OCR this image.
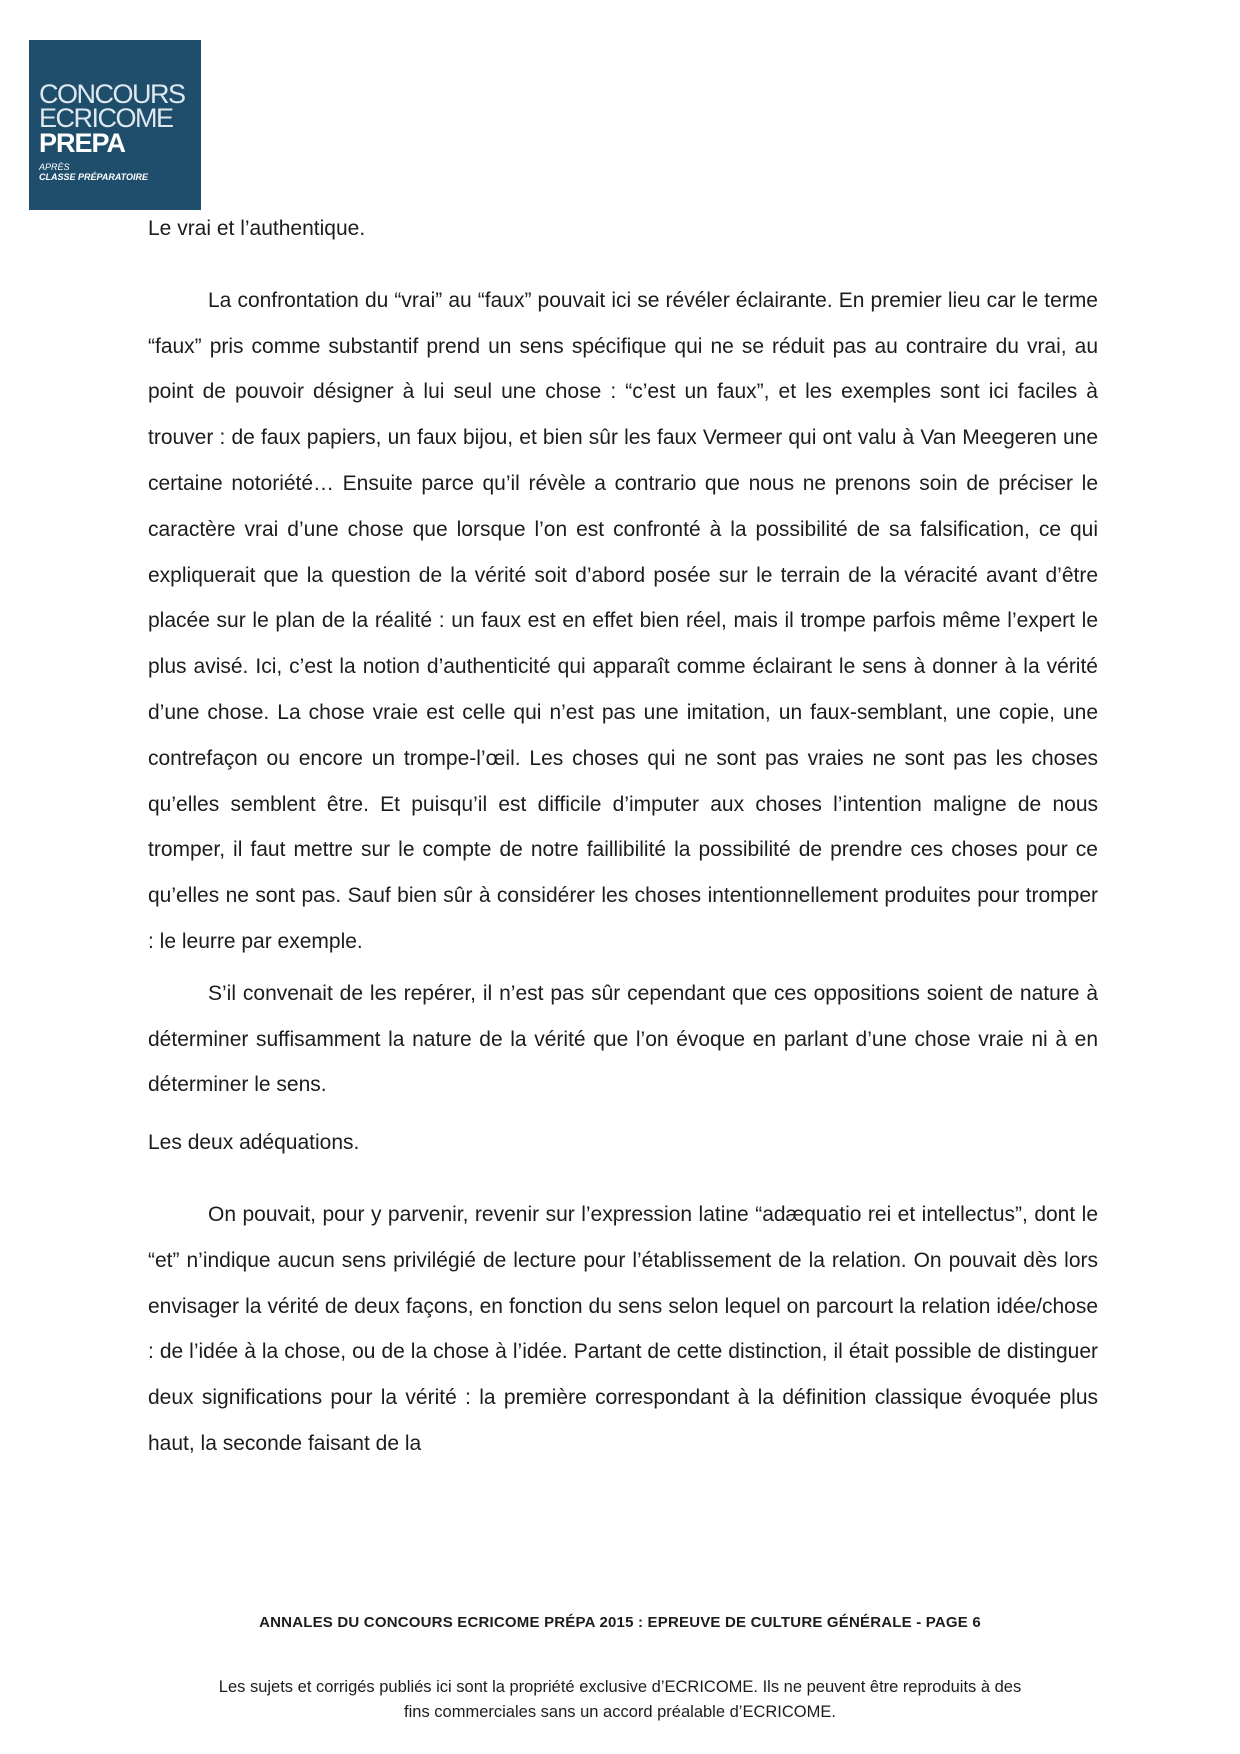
CONCOURS
ECRICOME
PREPA
APRÈS
CLASSE PRÉPARATOIRE

Le vrai et l’authentique.

La confrontation du “vrai” au “faux” pouvait ici se révéler éclairante. En premier lieu car le terme “faux” pris comme substantif prend un sens spécifique qui ne se réduit pas au contraire du vrai, au point de pouvoir désigner à lui seul une chose : “c’est un faux”, et les exemples sont ici faciles à trouver : de faux papiers, un faux bijou, et bien sûr les faux Vermeer qui ont valu à Van Meegeren une certaine notoriété… Ensuite parce qu’il révèle a contrario que nous ne prenons soin de préciser le caractère vrai d’une chose que lorsque l’on est confronté à la possibilité de sa falsification, ce qui expliquerait que la question de la vérité soit d’abord posée sur le terrain de la véracité avant d’être placée sur le plan de la réalité : un faux est en effet bien réel, mais il trompe parfois même l’expert le plus avisé. Ici, c’est la notion d’authenticité qui apparaît comme éclairant le sens à donner à la vérité d’une chose. La chose vraie est celle qui n’est pas une imitation, un faux-semblant, une copie, une contrefaçon ou encore un trompe-l’œil. Les choses qui ne sont pas vraies ne sont pas les choses qu’elles semblent être. Et puisqu’il est difficile d’imputer aux choses l’intention maligne de nous tromper, il faut mettre sur le compte de notre faillibilité la possibilité de prendre ces choses pour ce qu’elles ne sont pas. Sauf bien sûr à considérer les choses intentionnellement produites pour tromper : le leurre par exemple.

S’il convenait de les repérer, il n’est pas sûr cependant que ces oppositions soient de nature à déterminer suffisamment la nature de la vérité que l’on évoque en parlant d’une chose vraie ni à en déterminer le sens.

Les deux adéquations.

On pouvait, pour y parvenir, revenir sur l’expression latine “adæquatio rei et intellectus”, dont le “et” n’indique aucun sens privilégié de lecture pour l’établissement de la relation. On pouvait dès lors envisager la vérité de deux façons, en fonction du sens selon lequel on parcourt la relation idée/chose : de l’idée à la chose, ou de la chose à l’idée. Partant de cette distinction, il était possible de distinguer deux significations pour la vérité : la première correspondant à la définition classique évoquée plus haut, la seconde faisant de la

ANNALES DU CONCOURS ECRICOME PRÉPA 2015 : EPREUVE DE CULTURE GÉNÉRALE - PAGE 6
Les sujets et corrigés publiés ici sont la propriété exclusive d’ECRICOME. Ils ne peuvent être reproduits à des
fins commerciales sans un accord préalable d’ECRICOME.
